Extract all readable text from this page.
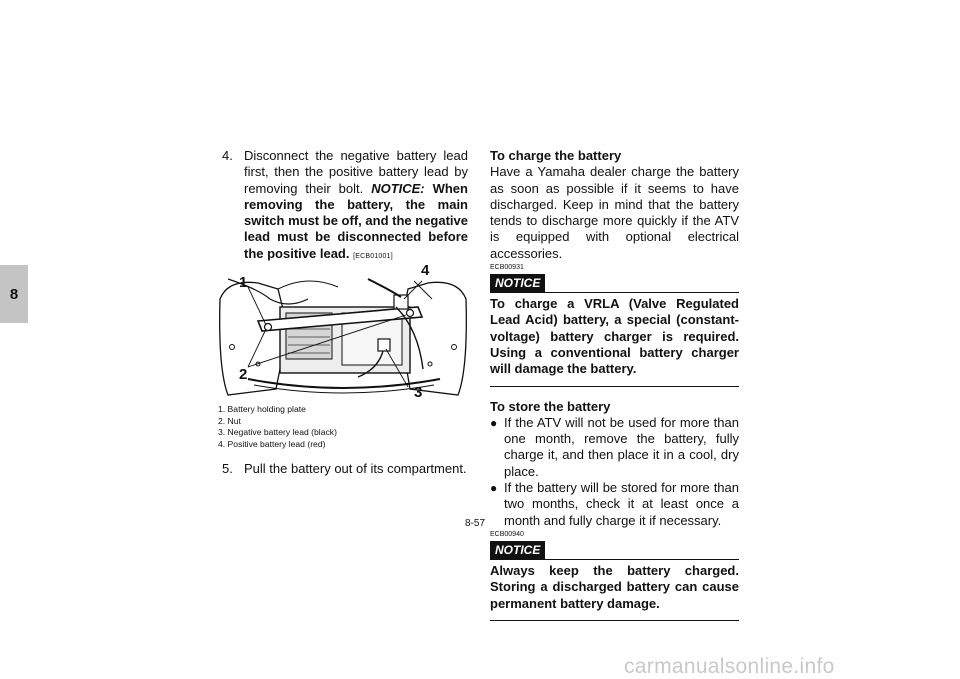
8
4. Disconnect the negative battery lead first, then the positive battery lead by removing their bolt. NOTICE: When removing the battery, the main switch must be off, and the negative lead must be disconnected before the positive lead. [ECB01001]
1
2
3
4
1. Battery holding plate
2. Nut
3. Negative battery lead (black)
4. Positive battery lead (red)
5. Pull the battery out of its compartment.
To charge the battery
Have a Yamaha dealer charge the battery as soon as possible if it seems to have discharged. Keep in mind that the battery tends to discharge more quickly if the ATV is equipped with optional electrical accessories.
ECB00931
NOTICE
To charge a VRLA (Valve Regulated Lead Acid) battery, a special (constant-voltage) battery charger is required. Using a conventional battery charger will damage the battery.
To store the battery
● If the ATV will not be used for more than one month, remove the battery, fully charge it, and then place it in a cool, dry place.
● If the battery will be stored for more than two months, check it at least once a month and fully charge it if necessary.
ECB00940
NOTICE
Always keep the battery charged. Storing a discharged battery can cause permanent battery damage.
8-57
carmanualsonline.info
